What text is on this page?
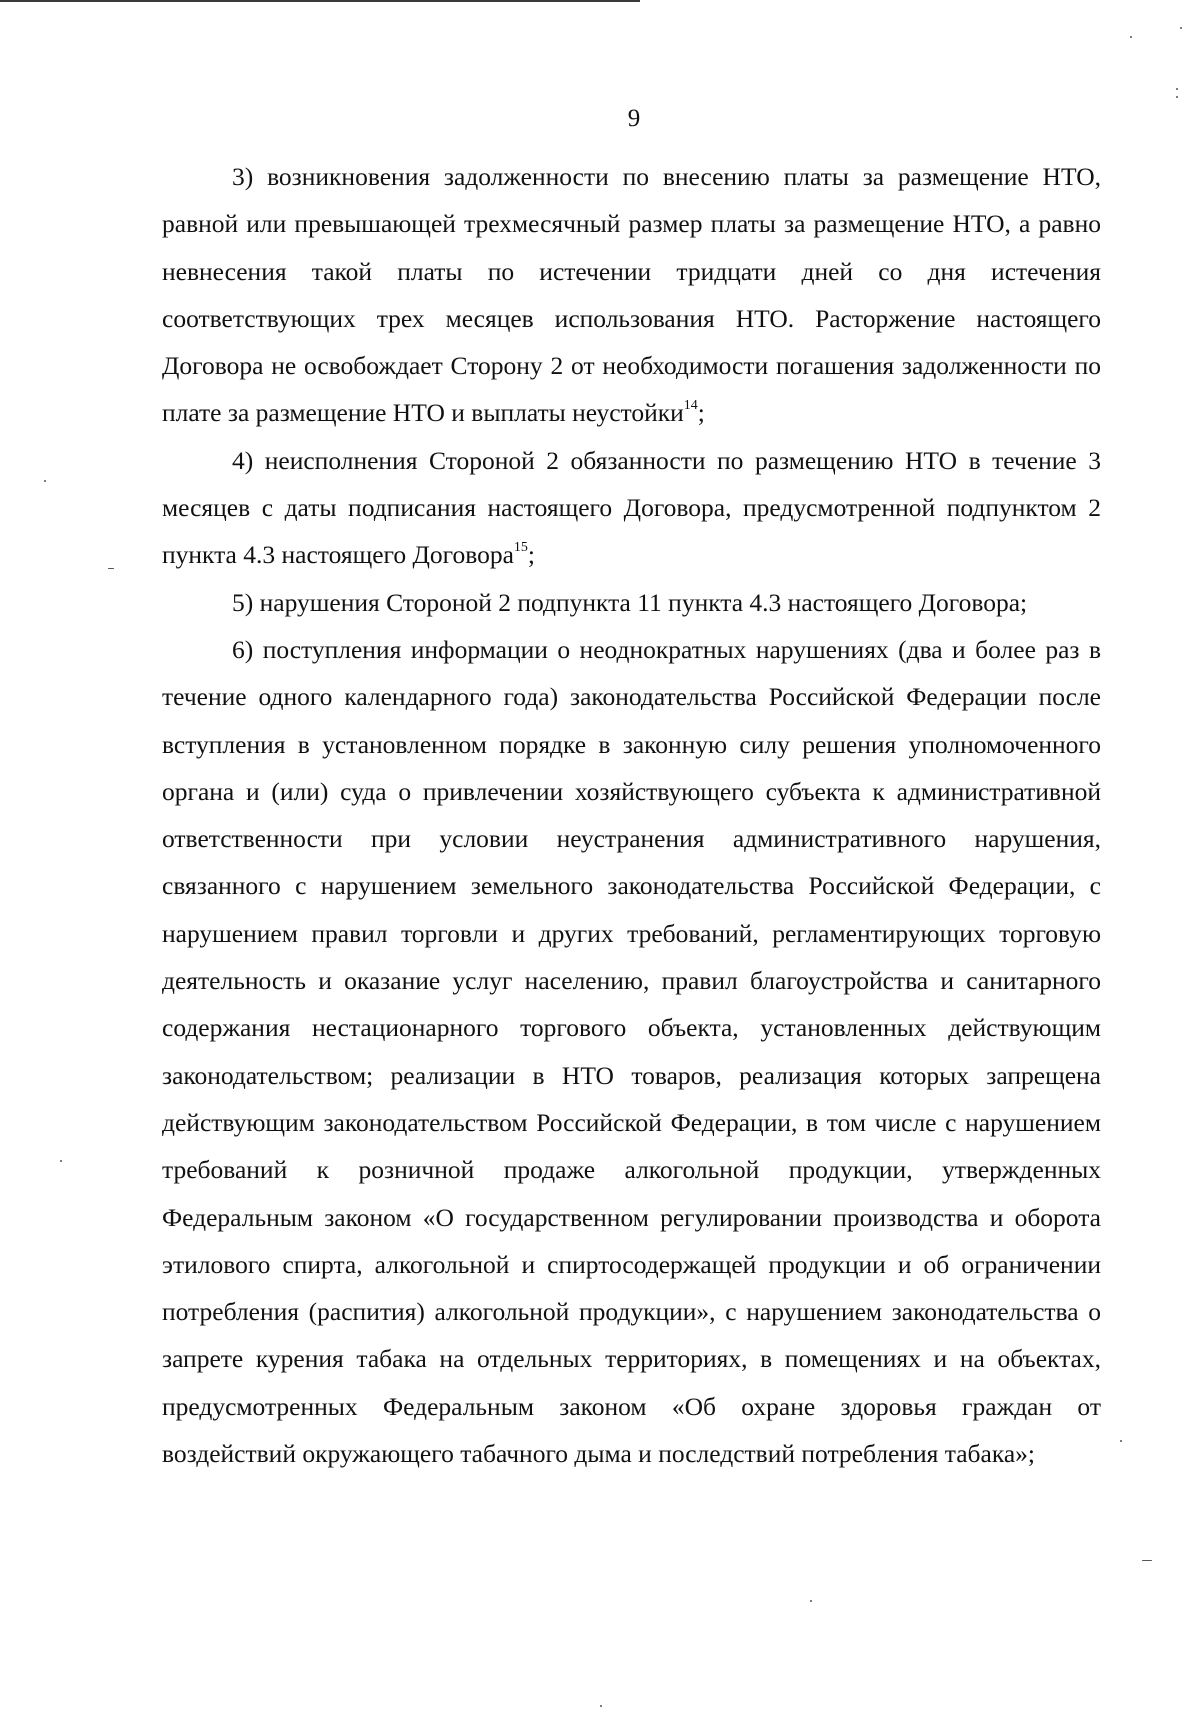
9

3) возникновения задолженности по внесению платы за размещение НТО, равной или превышающей трехмесячный размер платы за размещение НТО, а равно невнесения такой платы по истечении тридцати дней со дня истечения соответствующих трех месяцев использования НТО. Расторжение настоящего Договора не освобождает Сторону 2 от необходимости погашения задолженности по плате за размещение НТО и выплаты неустойки$^{14}$;

4) неисполнения Стороной 2 обязанности по размещению НТО в течение 3 месяцев с даты подписания настоящего Договора, предусмотренной подпунктом 2 пункта 4.3 настоящего Договора$^{15}$;

5) нарушения Стороной 2 подпункта 11 пункта 4.3 настоящего Договора;

6) поступления информации о неоднократных нарушениях (два и более раз в течение одного календарного года) законодательства Российской Федерации после вступления в установленном порядке в законную силу решения уполномоченного органа и (или) суда о привлечении хозяйствующего субъекта к административной ответственности при условии неустранения административного нарушения, связанного с нарушением земельного законодательства Российской Федерации, с нарушением правил торговли и других требований, регламентирующих торговую деятельность и оказание услуг населению, правил благоустройства и санитарного содержания нестационарного торгового объекта, установленных действующим законодательством; реализации в НТО товаров, реализация которых запрещена действующим законодательством Российской Федерации, в том числе с нарушением требований к розничной продаже алкогольной продукции, утвержденных Федеральным законом «О государственном регулировании производства и оборота этилового спирта, алкогольной и спиртосодержащей продукции и об ограничении потребления (распития) алкогольной продукции», с нарушением законодательства о запрете курения табака на отдельных территориях, в помещениях и на объектах, предусмотренных Федеральным законом «Об охране здоровья граждан от воздействий окружающего табачного дыма и последствий потребления табака»;
